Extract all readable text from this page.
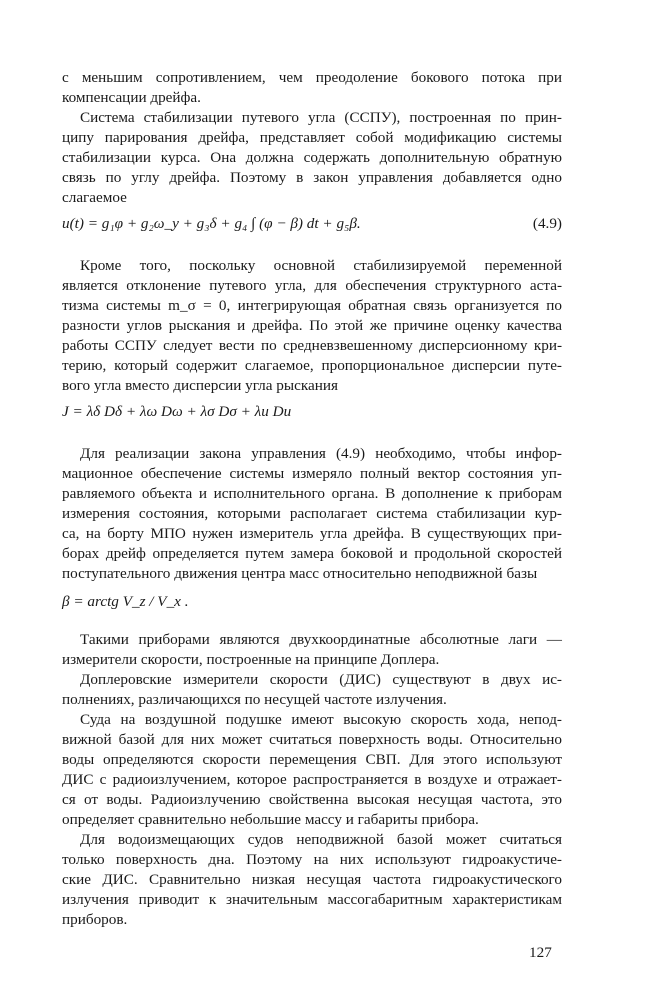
с меньшим сопротивлением, чем преодоление бокового потока при
компенсации дрейфа.
Система стабилизации путевого угла (ССПУ), построенная по прин-
ципу парирования дрейфа, представляет собой модификацию системы
стабилизации курса. Она должна содержать дополнительную обратную
связь по углу дрейфа. Поэтому в закон управления добавляется одно
слагаемое
u(t) = g₁φ + g₂ω_y + g₃δ + g₄ ∫ (φ − β) dt + g₅β.	(4.9)
Кроме того, поскольку основной стабилизируемой переменной
является отклонение путевого угла, для обеспечения структурного аста-
тизма системы m_σ = 0, интегрирующая обратная связь организуется по
разности углов рыскания и дрейфа. По этой же причине оценку качества
работы ССПУ следует вести по средневзвешенному дисперсионному кри-
терию, который содержит слагаемое, пропорциональное дисперсии путе-
вого угла вместо дисперсии угла рыскания
J = λδ Dδ + λω Dω + λσ Dσ + λu Du
Для реализации закона управления (4.9) необходимо, чтобы инфор-
мационное обеспечение системы измеряло полный вектор состояния уп-
равляемого объекта и исполнительного органа. В дополнение к приборам
измерения состояния, которыми располагает система стабилизации кур-
са, на борту МПО нужен измеритель угла дрейфа. В существующих при-
борах дрейф определяется путем замера боковой и продольной скоростей
поступательного движения центра масс относительно неподвижной базы
β = arctg V_z / V_x .
Такими приборами являются двухкоординатные абсолютные лаги —
измерители скорости, построенные на принципе Доплера.
Доплеровские измерители скорости (ДИС) существуют в двух ис-
полнениях, различающихся по несущей частоте излучения.
Суда на воздушной подушке имеют высокую скорость хода, непод-
вижной базой для них может считаться поверхность воды. Относительно
воды определяются скорости перемещения СВП. Для этого используют
ДИС с радиоизлучением, которое распространяется в воздухе и отражает-
ся от воды. Радиоизлучению свойственна высокая несущая частота, это
определяет сравнительно небольшие массу и габариты прибора.
Для водоизмещающих судов неподвижной базой может считаться
только поверхность дна. Поэтому на них используют гидроакустиче-
ские ДИС. Сравнительно низкая несущая частота гидроакустического
излучения приводит к значительным массогабаритным характеристикам
приборов.
127
